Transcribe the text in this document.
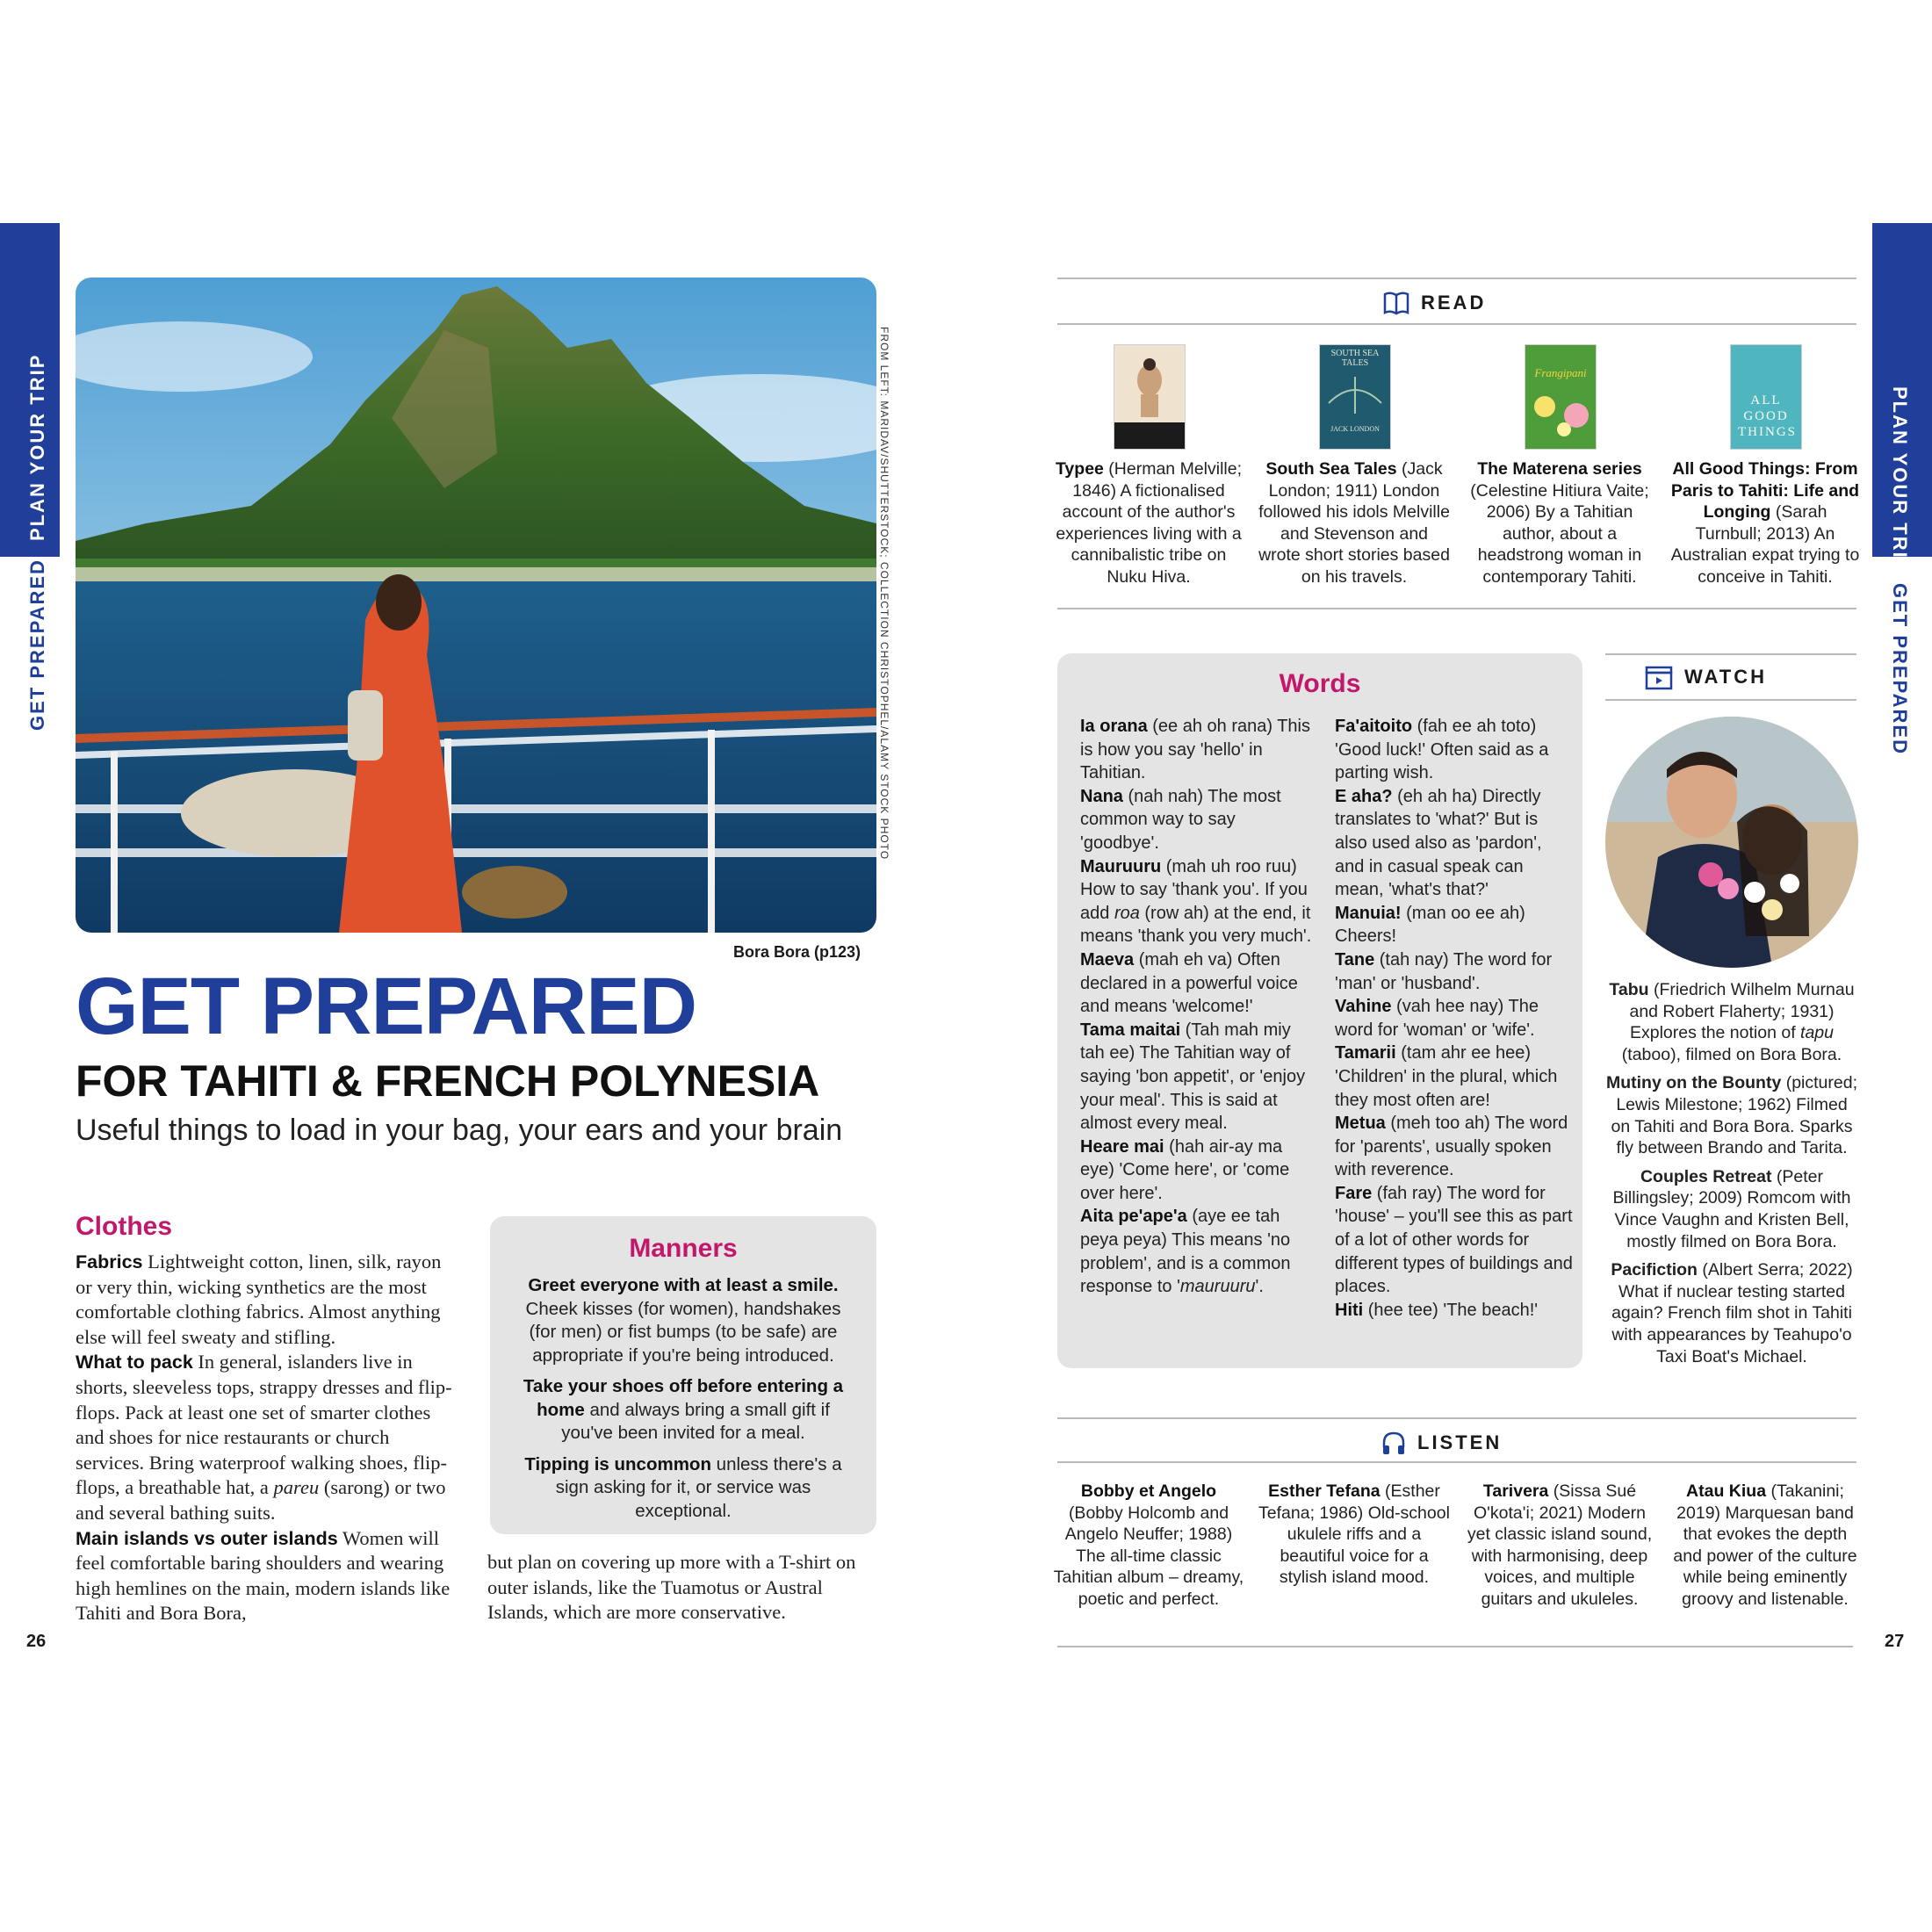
PLAN YOUR TRIP
GET PREPARED	FROM LEFT: MARIDAV/SHUTTERSTOCK; COLLECTION CHRISTOPHEL/ALAMY STOCK PHOTO
Bora Bora (p123)
GET PREPARED
FOR TAHITI & FRENCH POLYNESIA
Useful things to load in your bag, your ears and your brain
Clothes
Fabrics Lightweight cotton, linen, silk, rayon or very thin, wicking synthetics are the most comfortable clothing fabrics. Almost anything else will feel sweaty and stifling.
What to pack In general, islanders live in shorts, sleeveless tops, strappy dresses and flip-flops. Pack at least one set of smarter clothes and shoes for nice restaurants or church services. Bring waterproof walking shoes, flip-flops, a breathable hat, a pareu (sarong) or two and several bathing suits.
Main islands vs outer islands Women will feel comfortable baring shoulders and wearing high hemlines on the main, modern islands like Tahiti and Bora Bora,
but plan on covering up more with a T-shirt on outer islands, like the Tuamotus or Austral Islands, which are more conservative.
Manners

Greet everyone with at least a smile. Cheek kisses (for women), handshakes (for men) or fist bumps (to be safe) are appropriate if you're being introduced.

Take your shoes off before entering a home and always bring a small gift if you've been invited for a meal.

Tipping is uncommon unless there's a sign asking for it, or service was exceptional.

26
PLAN YOUR TRIP
GET PREPARED
READ
SOUTH SEA TALES
JACK LONDON
Frangipani
ALL GOOD THINGS
Typee (Herman Melville; 1846) A fictionalised account of the author's experiences living with a cannibalistic tribe on Nuku Hiva.
South Sea Tales (Jack London; 1911) London followed his idols Melville and Stevenson and wrote short stories based on his travels.
The Materena series (Celestine Hitiura Vaite; 2006) By a Tahitian author, about a headstrong woman in contemporary Tahiti.
All Good Things: From Paris to Tahiti: Life and Longing (Sarah Turnbull; 2013) An Australian expat trying to conceive in Tahiti.
Words
Ia orana (ee ah oh rana) This is how you say 'hello' in Tahitian.
Nana (nah nah) The most common way to say 'goodbye'.
Mauruuru (mah uh roo ruu) How to say 'thank you'. If you add roa (row ah) at the end, it means 'thank you very much'.
Maeva (mah eh va) Often declared in a powerful voice and means 'welcome!'
Tama maitai (Tah mah miy tah ee) The Tahitian way of saying 'bon appetit', or 'enjoy your meal'. This is said at almost every meal.
Heare mai (hah air-ay ma eye) 'Come here', or 'come over here'.
Aita pe'ape'a (aye ee tah peya peya) This means 'no problem', and is a common response to 'mauruuru'.
Fa'aitoito (fah ee ah toto) 'Good luck!' Often said as a parting wish.
E aha? (eh ah ha) Directly translates to 'what?' But is also used also as 'pardon', and in casual speak can mean, 'what's that?'
Manuia! (man oo ee ah) Cheers!
Tane (tah nay) The word for 'man' or 'husband'.
Vahine (vah hee nay) The word for 'woman' or 'wife'.
Tamarii (tam ahr ee hee) 'Children' in the plural, which they most often are!
Metua (meh too ah) The word for 'parents', usually spoken with reverence.
Fare (fah ray) The word for 'house' – you'll see this as part of a lot of other words for different types of buildings and places.
Hiti (hee tee) 'The beach!'
WATCH

Tabu (Friedrich Wilhelm Murnau and Robert Flaherty; 1931) Explores the notion of tapu (taboo), filmed on Bora Bora.

Mutiny on the Bounty (pictured; Lewis Milestone; 1962) Filmed on Tahiti and Bora Bora. Sparks fly between Brando and Tarita.

Couples Retreat (Peter Billingsley; 2009) Romcom with Vince Vaughn and Kristen Bell, mostly filmed on Bora Bora.

Pacifiction (Albert Serra; 2022) What if nuclear testing started again? French film shot in Tahiti with appearances by Teahupo'o Taxi Boat's Michael.

LISTEN
Bobby et Angelo (Bobby Holcomb and Angelo Neuffer; 1988) The all-time classic Tahitian album – dreamy, poetic and perfect.
Esther Tefana (Esther Tefana; 1986) Old-school ukulele riffs and a beautiful voice for a stylish island mood.
Tarivera (Sissa Sué O'kota'i; 2021) Modern yet classic island sound, with harmonising, deep voices, and multiple guitars and ukuleles.
Atau Kiua (Takanini; 2019) Marquesan band that evokes the depth and power of the culture while being eminently groovy and listenable.
27
